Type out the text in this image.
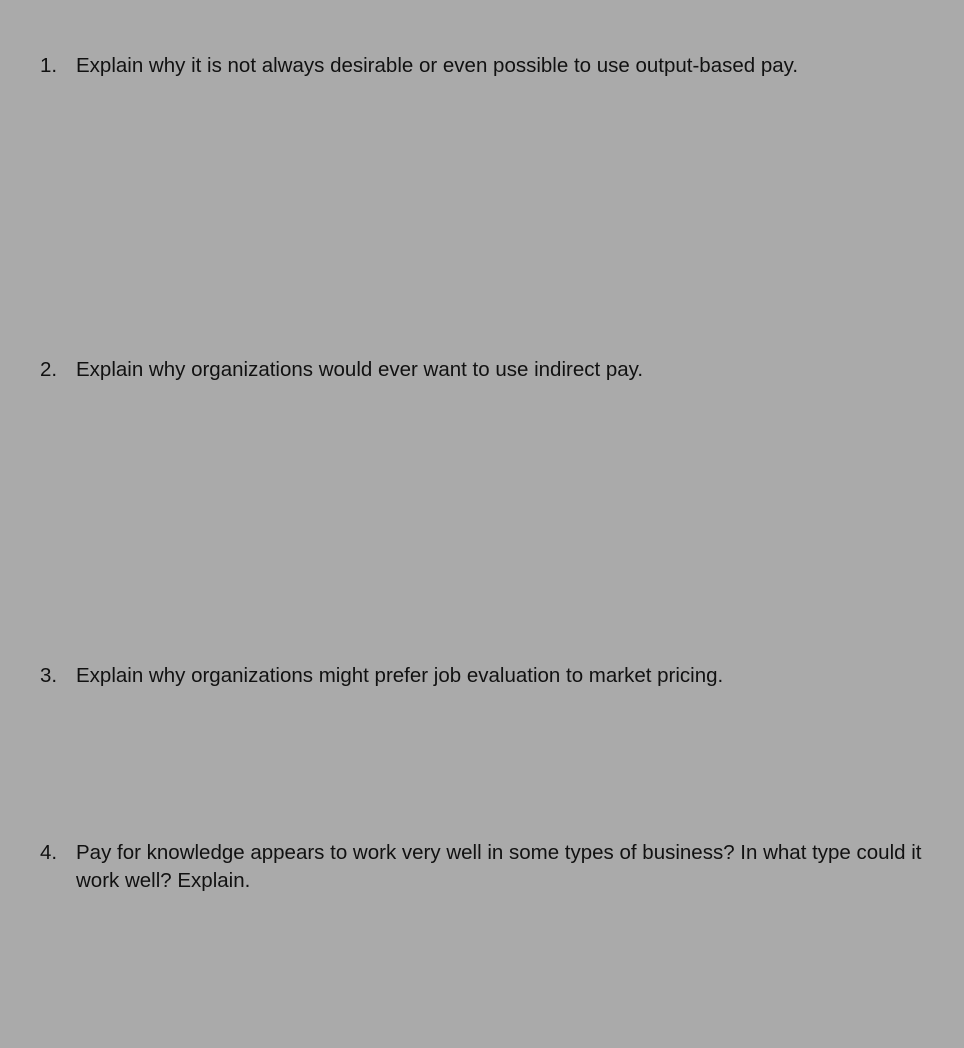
1. Explain why it is not always desirable or even possible to use output-based pay.
2. Explain why organizations would ever want to use indirect pay.
3. Explain why organizations might prefer job evaluation to market pricing.
4. Pay for knowledge appears to work very well in some types of business? In what type could it work well? Explain.
